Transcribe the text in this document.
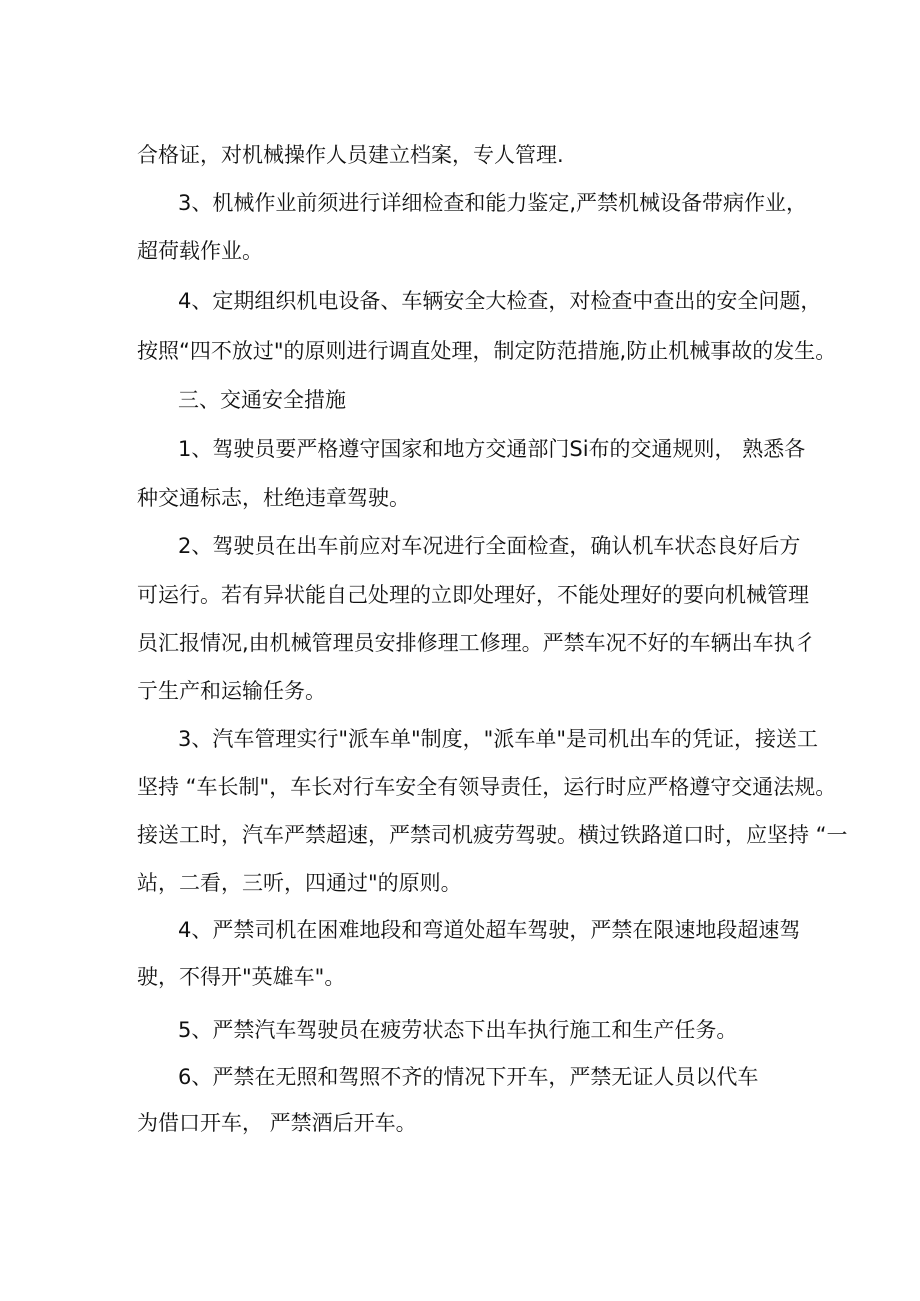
合格证，对机械操作人员建立档案，专人管理.
3、机械作业前须进行详细检查和能力鉴定,严禁机械设备带病作业，
超荷载作业。
4、定期组织机电设备、车辆安全大检查，对检查中查出的安全问题，
按照“四不放过"的原则进行调直处理，制定防范措施,防止机械事故的发生。
三、交通安全措施
1、驾驶员要严格遵守国家和地方交通部门Si布的交通规则， 熟悉各
种交通标志，杜绝违章驾驶。
2、驾驶员在出车前应对车况进行全面检查，确认机车状态良好后方
可运行。若有异状能自己处理的立即处理好，不能处理好的要向机械管理
员汇报情况,由机械管理员安排修理工修理。严禁车况不好的车辆出车执彳
亍生产和运输任务。
3、汽车管理实行"派车单"制度，"派车单"是司机出车的凭证，接送工
坚持 “车长制"，车长对行车安全有领导责任，运行时应严格遵守交通法规。
接送工时，汽车严禁超速，严禁司机疲劳驾驶。横过铁路道口时，应坚持 “一
站，二看，三听，四通过"的原则。
4、严禁司机在困难地段和弯道处超车驾驶，严禁在限速地段超速驾
驶，不得开"英雄车"。
5、严禁汽车驾驶员在疲劳状态下出车执行施工和生产任务。
6、严禁在无照和驾照不齐的情况下开车，严禁无证人员以代车
为借口开车， 严禁酒后开车。
